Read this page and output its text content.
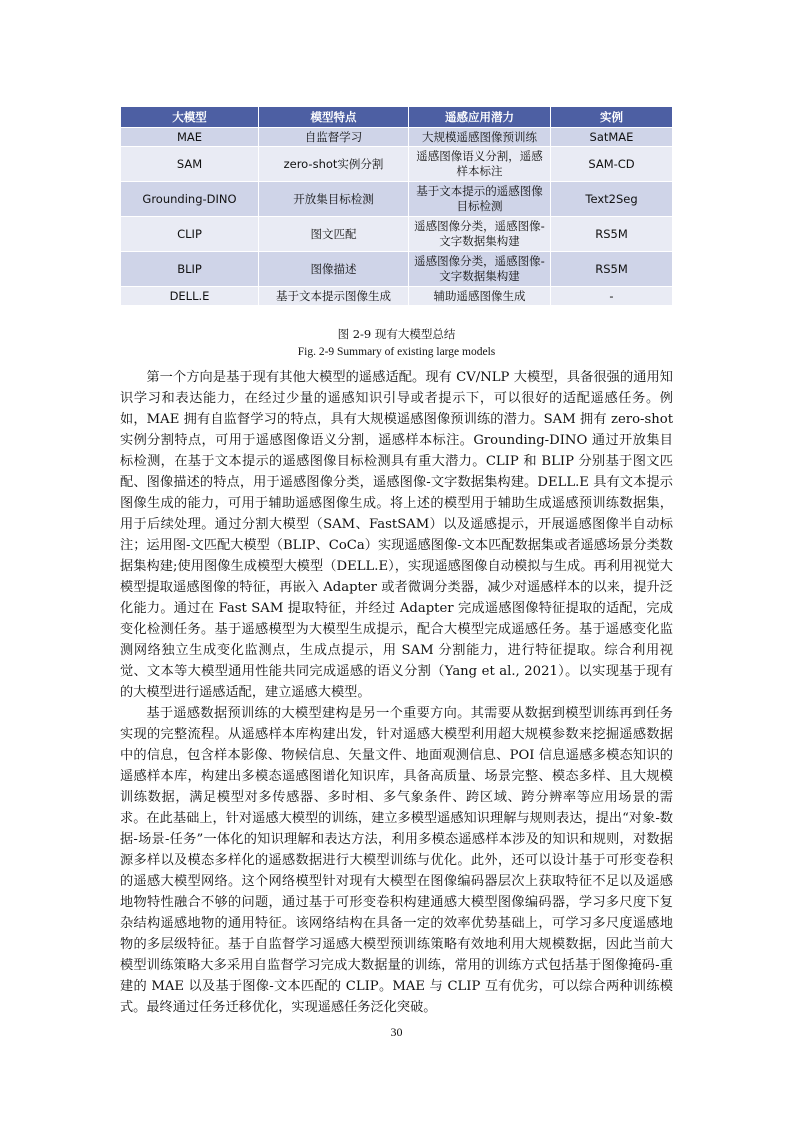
大模型	模型特点	遥感应用潜力	实例
MAE	自监督学习	大规模遥感图像预训练	SatMAE
SAM	zero-shot实例分割	遥感图像语义分割，遥感样本标注	SAM-CD
Grounding-DINO	开放集目标检测	基于文本提示的遥感图像目标检测	Text2Seg
CLIP	图文匹配	遥感图像分类，遥感图像-文字数据集构建	RS5M
BLIP	图像描述	遥感图像分类，遥感图像-文字数据集构建	RS5M
DELL.E	基于文本提示图像生成	辅助遥感图像生成	-
图 2-9 现有大模型总结
Fig. 2-9 Summary of existing large models

第一个方向是基于现有其他大模型的遥感适配。现有 CV/NLP 大模型，具备很强的通用知识学习和表达能力，在经过少量的遥感知识引导或者提示下，可以很好的适配遥感任务。例如，MAE 拥有自监督学习的特点，具有大规模遥感图像预训练的潜力。SAM 拥有 zero-shot 实例分割特点，可用于遥感图像语义分割，遥感样本标注。Grounding-DINO 通过开放集目标检测，在基于文本提示的遥感图像目标检测具有重大潜力。CLIP 和 BLIP 分别基于图文匹配、图像描述的特点，用于遥感图像分类，遥感图像-文字数据集构建。DELL.E 具有文本提示图像生成的能力，可用于辅助遥感图像生成。将上述的模型用于辅助生成遥感预训练数据集，用于后续处理。通过分割大模型（SAM、FastSAM）以及遥感提示，开展遥感图像半自动标注；运用图-文匹配大模型（BLIP、CoCa）实现遥感图像-文本匹配数据集或者遥感场景分类数据集构建;使用图像生成模型大模型（DELL.E），实现遥感图像自动模拟与生成。再利用视觉大模型提取遥感图像的特征，再嵌入 Adapter 或者微调分类器，减少对遥感样本的以来，提升泛化能力。通过在 Fast SAM 提取特征，并经过 Adapter 完成遥感图像特征提取的适配，完成变化检测任务。基于遥感模型为大模型生成提示，配合大模型完成遥感任务。基于遥感变化监测网络独立生成变化监测点，生成点提示，用 SAM 分割能力，进行特征提取。综合利用视觉、文本等大模型通用性能共同完成遥感的语义分割（Yang et al., 2021）。以实现基于现有的大模型进行遥感适配，建立遥感大模型。

基于遥感数据预训练的大模型建构是另一个重要方向。其需要从数据到模型训练再到任务实现的完整流程。从遥感样本库构建出发，针对遥感大模型利用超大规模参数来挖掘遥感数据中的信息，包含样本影像、物候信息、矢量文件、地面观测信息、POI 信息遥感多模态知识的遥感样本库，构建出多模态遥感图谱化知识库，具备高质量、场景完整、模态多样、且大规模训练数据，满足模型对多传感器、多时相、多气象条件、跨区域、跨分辨率等应用场景的需求。在此基础上，针对遥感大模型的训练，建立多模型遥感知识理解与规则表达，提出“对象-数据-场景-任务”一体化的知识理解和表达方法，利用多模态遥感样本涉及的知识和规则，对数据源多样以及模态多样化的遥感数据进行大模型训练与优化。此外，还可以设计基于可形变卷积的遥感大模型网络。这个网络模型针对现有大模型在图像编码器层次上获取特征不足以及遥感地物特性融合不够的问题，通过基于可形变卷积构建通感大模型图像编码器，学习多尺度下复杂结构遥感地物的通用特征。该网络结构在具备一定的效率优势基础上，可学习多尺度遥感地物的多层级特征。基于自监督学习遥感大模型预训练策略有效地利用大规模数据，因此当前大模型训练策略大多采用自监督学习完成大数据量的训练，常用的训练方式包括基于图像掩码-重建的 MAE 以及基于图像-文本匹配的 CLIP。MAE 与 CLIP 互有优劣，可以综合两种训练模式。最终通过任务迁移优化，实现遥感任务泛化突破。

30
